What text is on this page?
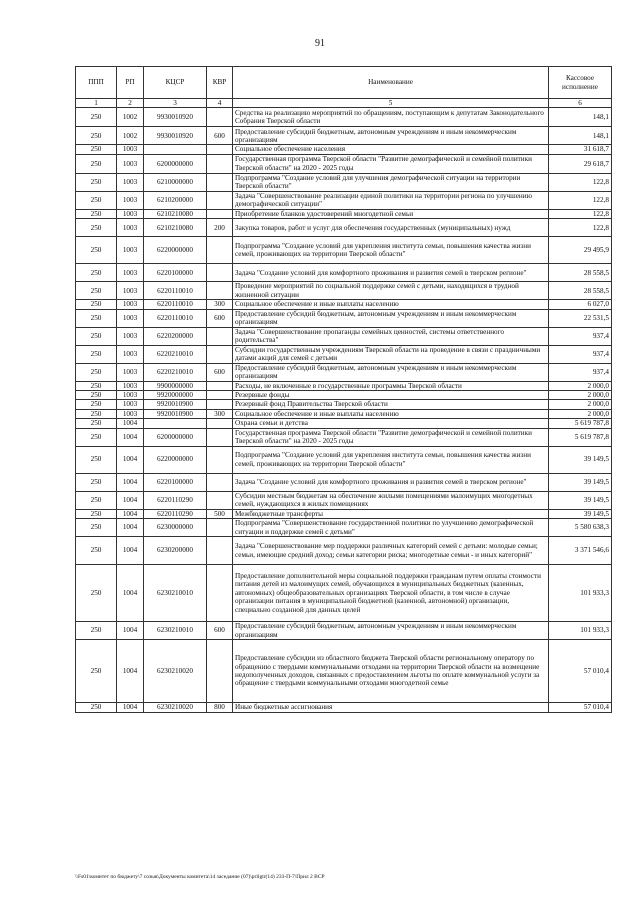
91
ППП	РП	КЦСР	КВР	Наименование	Кассовое исполнение
1	2	3	4	5	6
250	1002	9930010920		Средства на реализацию мероприятий по обращениям, поступающим к депутатам Законодательного Собрания Тверской области	148,1
250	1002	9930010920	600	Предоставление субсидий бюджетным, автономным учреждениям и иным некоммерческим организациям	148,1
250	1003			Социальное обеспечение населения	31 618,7
250	1003	6200000000		Государственная программа Тверской области "Развитие демографической и семейной политики Тверской области" на 2020 - 2025 годы	29 618,7
250	1003	6210000000		Подпрограмма "Создание условий для улучшения демографической ситуации на территории Тверской области"	122,8
250	1003	6210200000		Задача "Совершенствование реализации единой политики на территории региона по улучшению демографической ситуации"	122,8
250	1003	6210210080		Приобретение бланков удостоверений многодетной семьи	122,8
250	1003	6210210080	200	Закупка товаров, работ и услуг для обеспечения государственных (муниципальных) нужд	122,8
250	1003	6220000000		Подпрограмма "Создание условий для укрепления института семьи, повышения качества жизни семей, проживающих на территории Тверской области"	29 495,9
250	1003	6220100000		Задача "Создание условий для комфортного проживания и развития семей в тверском регионе"	28 558,5
250	1003	6220110010		Проведение мероприятий по социальной поддержке семей с детьми, находящихся в трудной жизненной ситуации	28 558,5
250	1003	6220110010	300	Социальное обеспечение и иные выплаты населению	6 027,0
250	1003	6220110010	600	Предоставление субсидий бюджетным, автономным учреждениям и иным некоммерческим организациям	22 531,5
250	1003	6220200000		Задача "Совершенствование пропаганды семейных ценностей, системы ответственного родительства"	937,4
250	1003	6220210010		Субсидии государственным учреждениям Тверской области на проведение в связи с праздничными датами акций для семей с детьми	937,4
250	1003	6220210010	600	Предоставление субсидий бюджетным, автономным учреждениям и иным некоммерческим организациям	937,4
250	1003	9900000000		Расходы, не включенные в государственные программы Тверской области	2 000,0
250	1003	9920000000		Резервные фонды	2 000,0
250	1003	9920010900		Резервный фонд Правительства Тверской области	2 000,0
250	1003	9920010900	300	Социальное обеспечение и иные выплаты населению	2 000,0
250	1004			Охрана семьи и детства	5 619 787,8
250	1004	6200000000		Государственная программа Тверской области "Развитие демографической и семейной политики Тверской области" на 2020 - 2025 годы	5 619 787,8
250	1004	6220000000		Подпрограмма "Создание условий для укрепления института семьи, повышения качества жизни семей, проживающих на территории Тверской области"	39 149,5
250	1004	6220100000		Задача "Создание условий для комфортного проживания и развития семей в тверском регионе"	39 149,5
250	1004	6220110290		Субсидии местным бюджетам на обеспечение жилыми помещениями малоимущих многодетных семей, нуждающихся в жилых помещениях	39 149,5
250	1004	6220110290	500	Межбюджетные трансферты	39 149,5
250	1004	6230000000		Подпрограмма "Совершенствование государственной политики по улучшению демографической ситуации и поддержке семей с детьми"	5 580 638,3
250	1004	6230200000		Задача "Совершенствование мер поддержки различных категорий семей с детьми: молодые семьи; семьи, имеющие средний доход; семьи категории риска; многодетные семьи - и иных категорий"	3 371 546,6
250	1004	6230210010		Предоставление дополнительной меры социальной поддержки гражданам путем оплаты стоимости питания детей из малоимущих семей, обучающихся в муниципальных бюджетных (казенных, автономных) общеобразовательных организациях Тверской области, в том числе в случае организации питания в муниципальной бюджетной (казенной, автономной) организации, специально созданной для данных целей	101 933,3
250	1004	6230210010	600	Предоставление субсидий бюджетным, автономным учреждениям и иным некоммерческим организациям	101 933,3
250	1004	6230210020		Предоставление субсидии из областного бюджета Тверской области региональному оператору по обращению с твердыми коммунальными отходами на территории Тверской области на возмещение недополученных доходов, связанных с предоставлением льготы по оплате коммунальной услуги за обращение с твердыми коммунальными отходами многодетной семье	57 010,4
250	1004	6230210020	800	Иные бюджетные ассигнования	57 010,4
\\Fs01\комитет по бюджету\7 созыв\Документы комитета\14 заседание (07)\prilgtr(14) 233-П-7\Прил 2 ВСР
